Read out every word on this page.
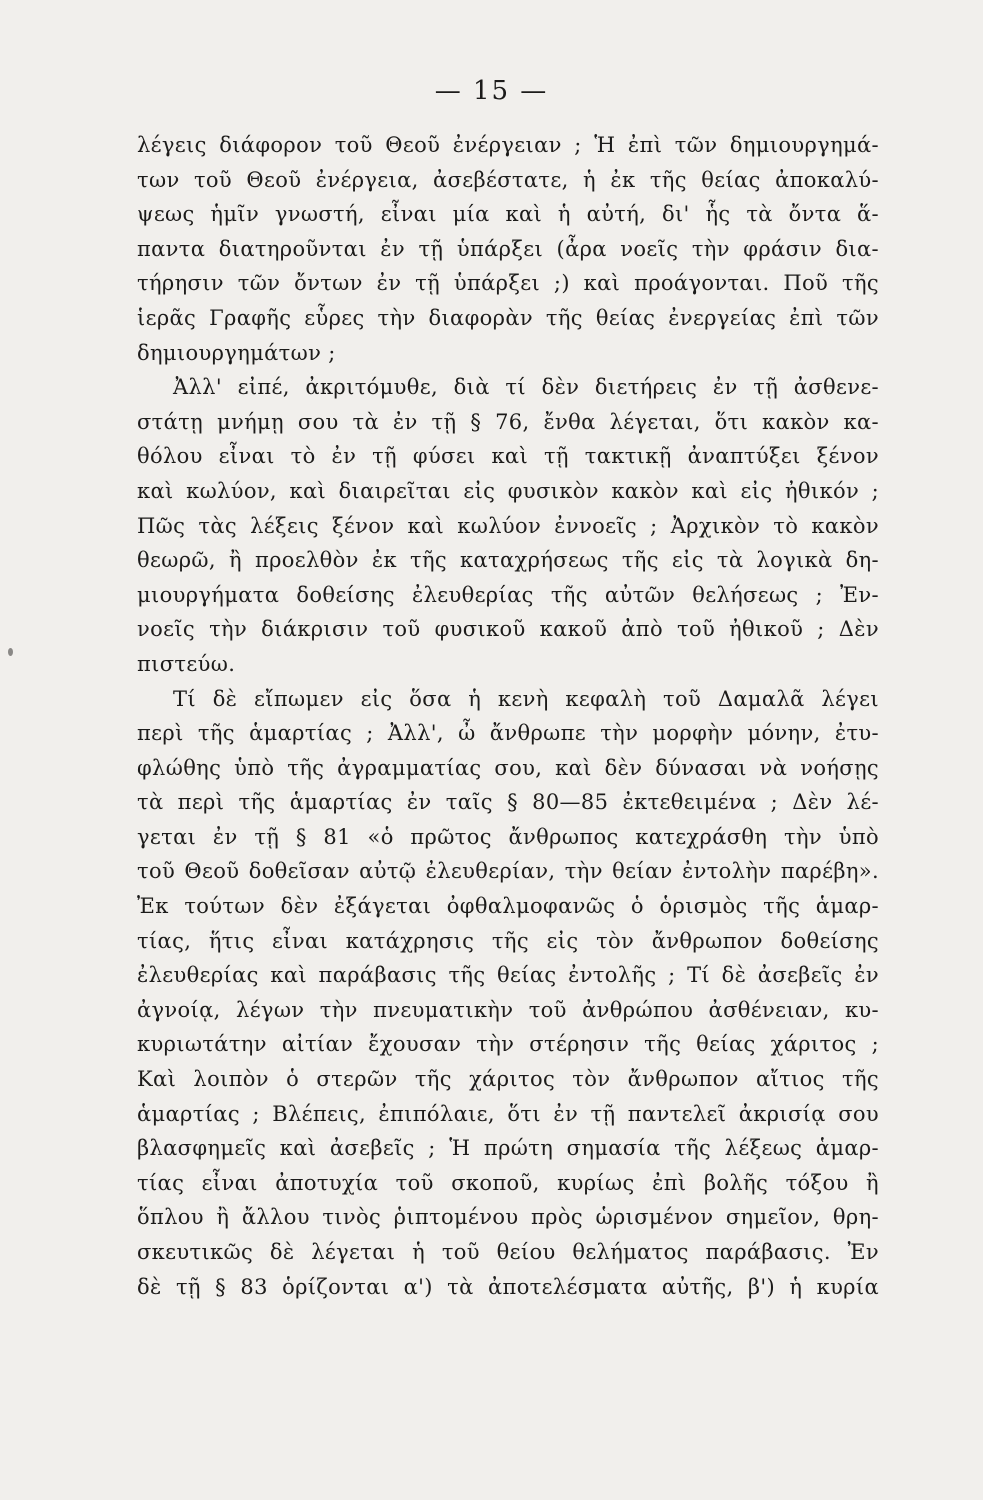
— 15 —
λέγεις διάφορον τοῦ Θεοῦ ἐνέργειαν ; Ἡ ἐπὶ τῶν δημιουργημά-
των τοῦ Θεοῦ ἐνέργεια, ἀσεβέστατε, ἡ ἐκ τῆς θείας ἀποκαλύ-
ψεως ἡμῖν γνωστή, εἶναι μία καὶ ἡ αὐτή, δι' ἧς τὰ ὄντα ἅ-
παντα διατηροῦνται ἐν τῇ ὑπάρξει (ἆρα νοεῖς τὴν φράσιν δια-
τήρησιν τῶν ὄντων ἐν τῇ ὑπάρξει ;) καὶ προάγονται. Ποῦ τῆς
ἱερᾶς Γραφῆς εὗρες τὴν διαφορὰν τῆς θείας ἐνεργείας ἐπὶ τῶν
δημιουργημάτων ;
Ἀλλ' εἰπέ, ἀκριτόμυθε, διὰ τί δὲν διετήρεις ἐν τῇ ἀσθενε-
στάτῃ μνήμῃ σου τὰ ἐν τῇ § 76, ἔνθα λέγεται, ὅτι κακὸν κα-
θόλου εἶναι τὸ ἐν τῇ φύσει καὶ τῇ τακτικῇ ἀναπτύξει ξένον
καὶ κωλύον, καὶ διαιρεῖται εἰς φυσικὸν κακὸν καὶ εἰς ἠθικόν ;
Πῶς τὰς λέξεις ξένον καὶ κωλύον ἐννοεῖς ; Ἀρχικὸν τὸ κακὸν
θεωρῶ, ἢ προελθὸν ἐκ τῆς καταχρήσεως τῆς εἰς τὰ λογικὰ δη-
μιουργήματα δοθείσης ἐλευθερίας τῆς αὐτῶν θελήσεως ; Ἐν-
νοεῖς τὴν διάκρισιν τοῦ φυσικοῦ κακοῦ ἀπὸ τοῦ ἠθικοῦ ; Δὲν
πιστεύω.
Τί δὲ εἴπωμεν εἰς ὅσα ἡ κενὴ κεφαλὴ τοῦ Δαμαλᾶ λέγει
περὶ τῆς ἁμαρτίας ; Ἀλλ', ὦ ἄνθρωπε τὴν μορφὴν μόνην, ἐτυ-
φλώθης ὑπὸ τῆς ἀγραμματίας σου, καὶ δὲν δύνασαι νὰ νοήσῃς
τὰ περὶ τῆς ἁμαρτίας ἐν ταῖς § 80—85 ἐκτεθειμένα ; Δὲν λέ-
γεται ἐν τῇ § 81 «ὁ πρῶτος ἄνθρωπος κατεχράσθη τὴν ὑπὸ
τοῦ Θεοῦ δοθεῖσαν αὐτῷ ἐλευθερίαν, τὴν θείαν ἐντολὴν παρέβη».
Ἐκ τούτων δὲν ἐξάγεται ὀφθαλμοφανῶς ὁ ὁρισμὸς τῆς ἁμαρ-
τίας, ἥτις εἶναι κατάχρησις τῆς εἰς τὸν ἄνθρωπον δοθείσης
ἐλευθερίας καὶ παράβασις τῆς θείας ἐντολῆς ; Τί δὲ ἀσεβεῖς ἐν
ἀγνοίᾳ, λέγων τὴν πνευματικὴν τοῦ ἀνθρώπου ἀσθένειαν, κυ-
κυριωτάτην αἰτίαν ἔχουσαν τὴν στέρησιν τῆς θείας χάριτος ;
Καὶ λοιπὸν ὁ στερῶν τῆς χάριτος τὸν ἄνθρωπον αἴτιος τῆς
ἁμαρτίας ; Βλέπεις, ἐπιπόλαιε, ὅτι ἐν τῇ παντελεῖ ἀκρισίᾳ σου
βλασφημεῖς καὶ ἀσεβεῖς ; Ἡ πρώτη σημασία τῆς λέξεως ἁμαρ-
τίας εἶναι ἀποτυχία τοῦ σκοποῦ, κυρίως ἐπὶ βολῆς τόξου ἢ
ὅπλου ἢ ἄλλου τινὸς ῥιπτομένου πρὸς ὡρισμένον σημεῖον, θρη-
σκευτικῶς δὲ λέγεται ἡ τοῦ θείου θελήματος παράβασις. Ἐν
δὲ τῇ § 83 ὁρίζονται α') τὰ ἀποτελέσματα αὐτῆς, β') ἡ κυρία
